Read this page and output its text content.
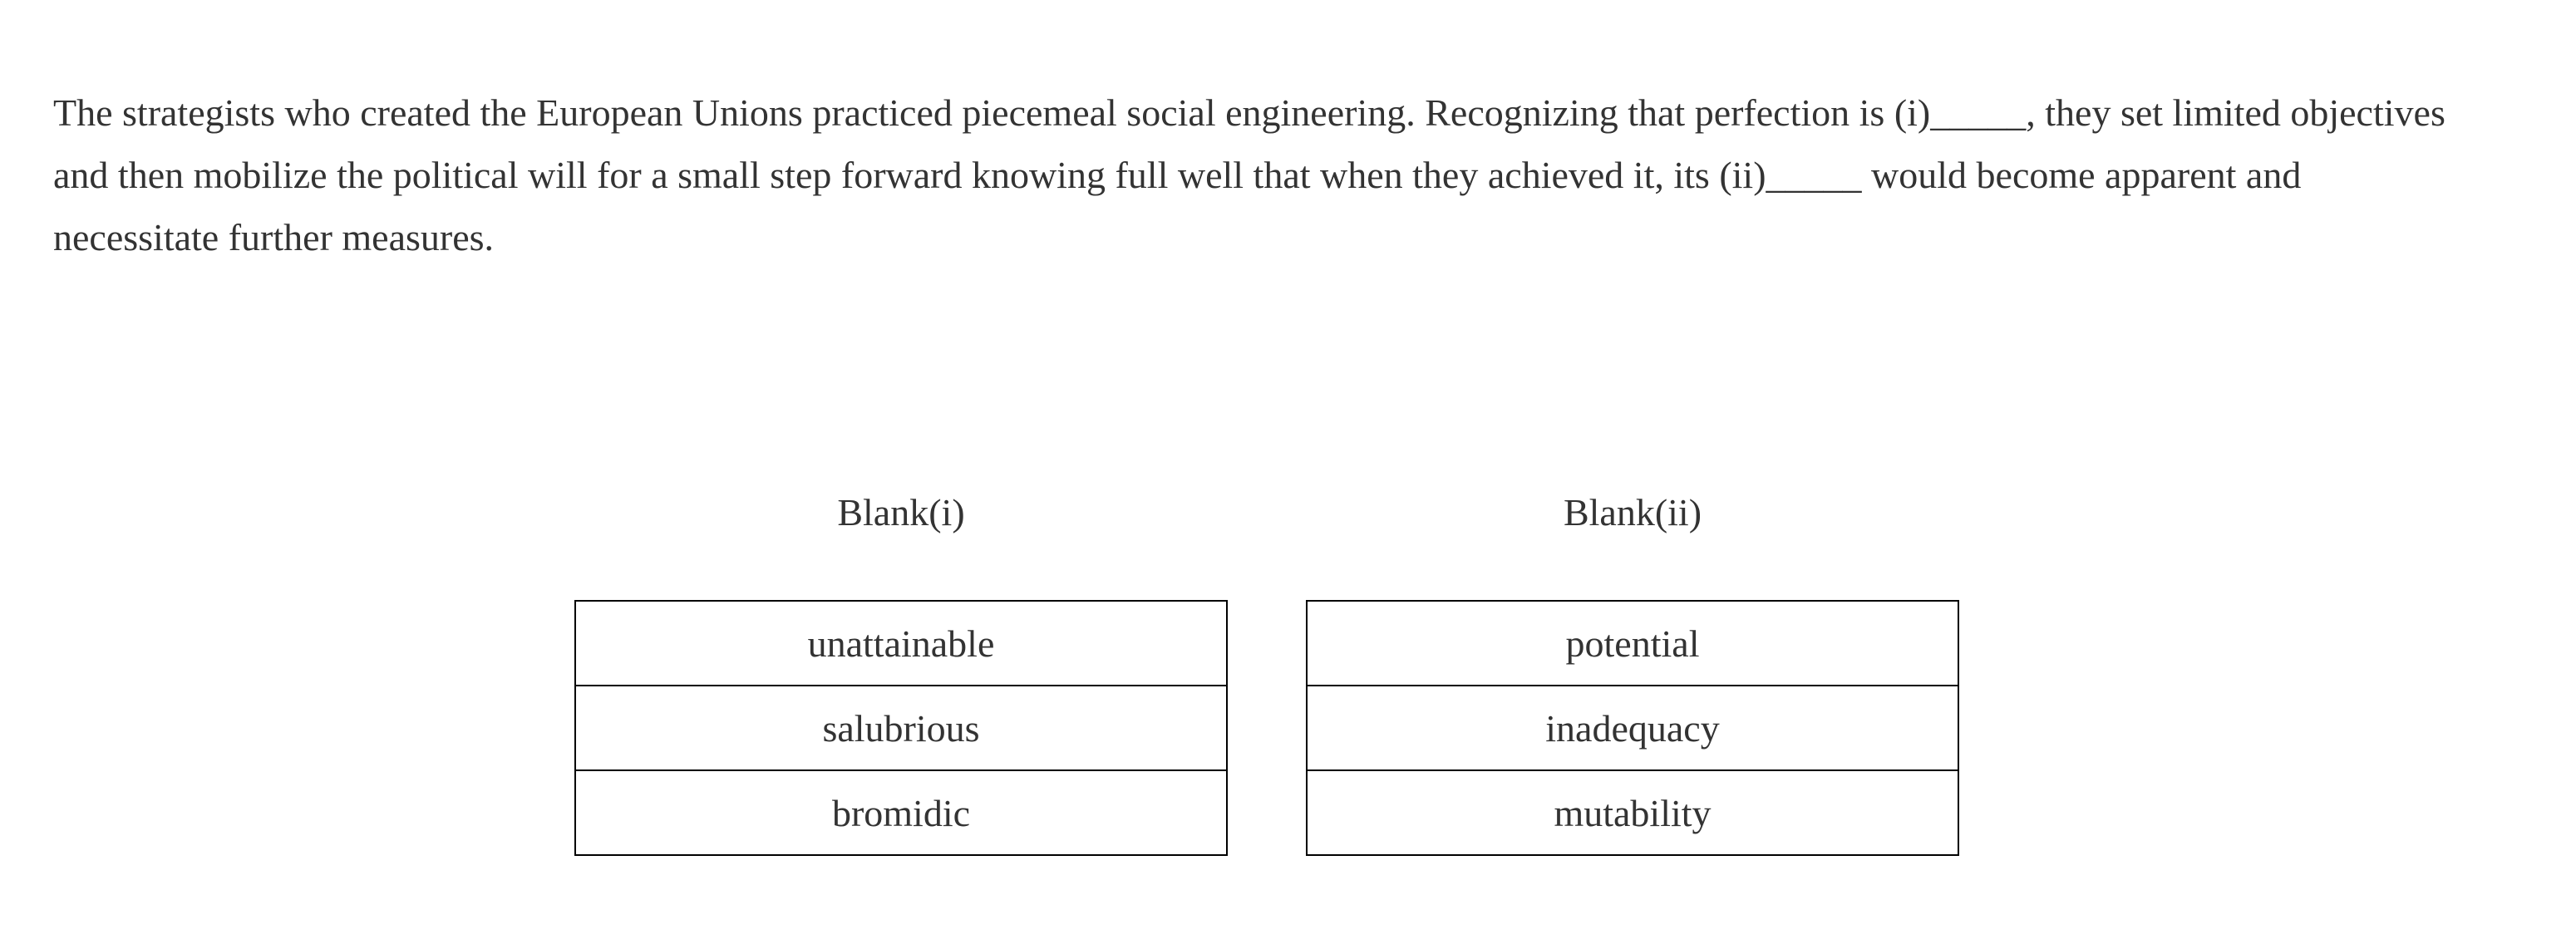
The strategists who created the European Unions practiced piecemeal social engineering. Recognizing that perfection is (i)_____, they set limited objectives and then mobilize the political will for a small step forward knowing full well that when they achieved it, its (ii)_____ would become apparent and necessitate further measures.

Blank(i)
unattainable
salubrious
bromidic
Blank(ii)
potential
inadequacy
mutability
